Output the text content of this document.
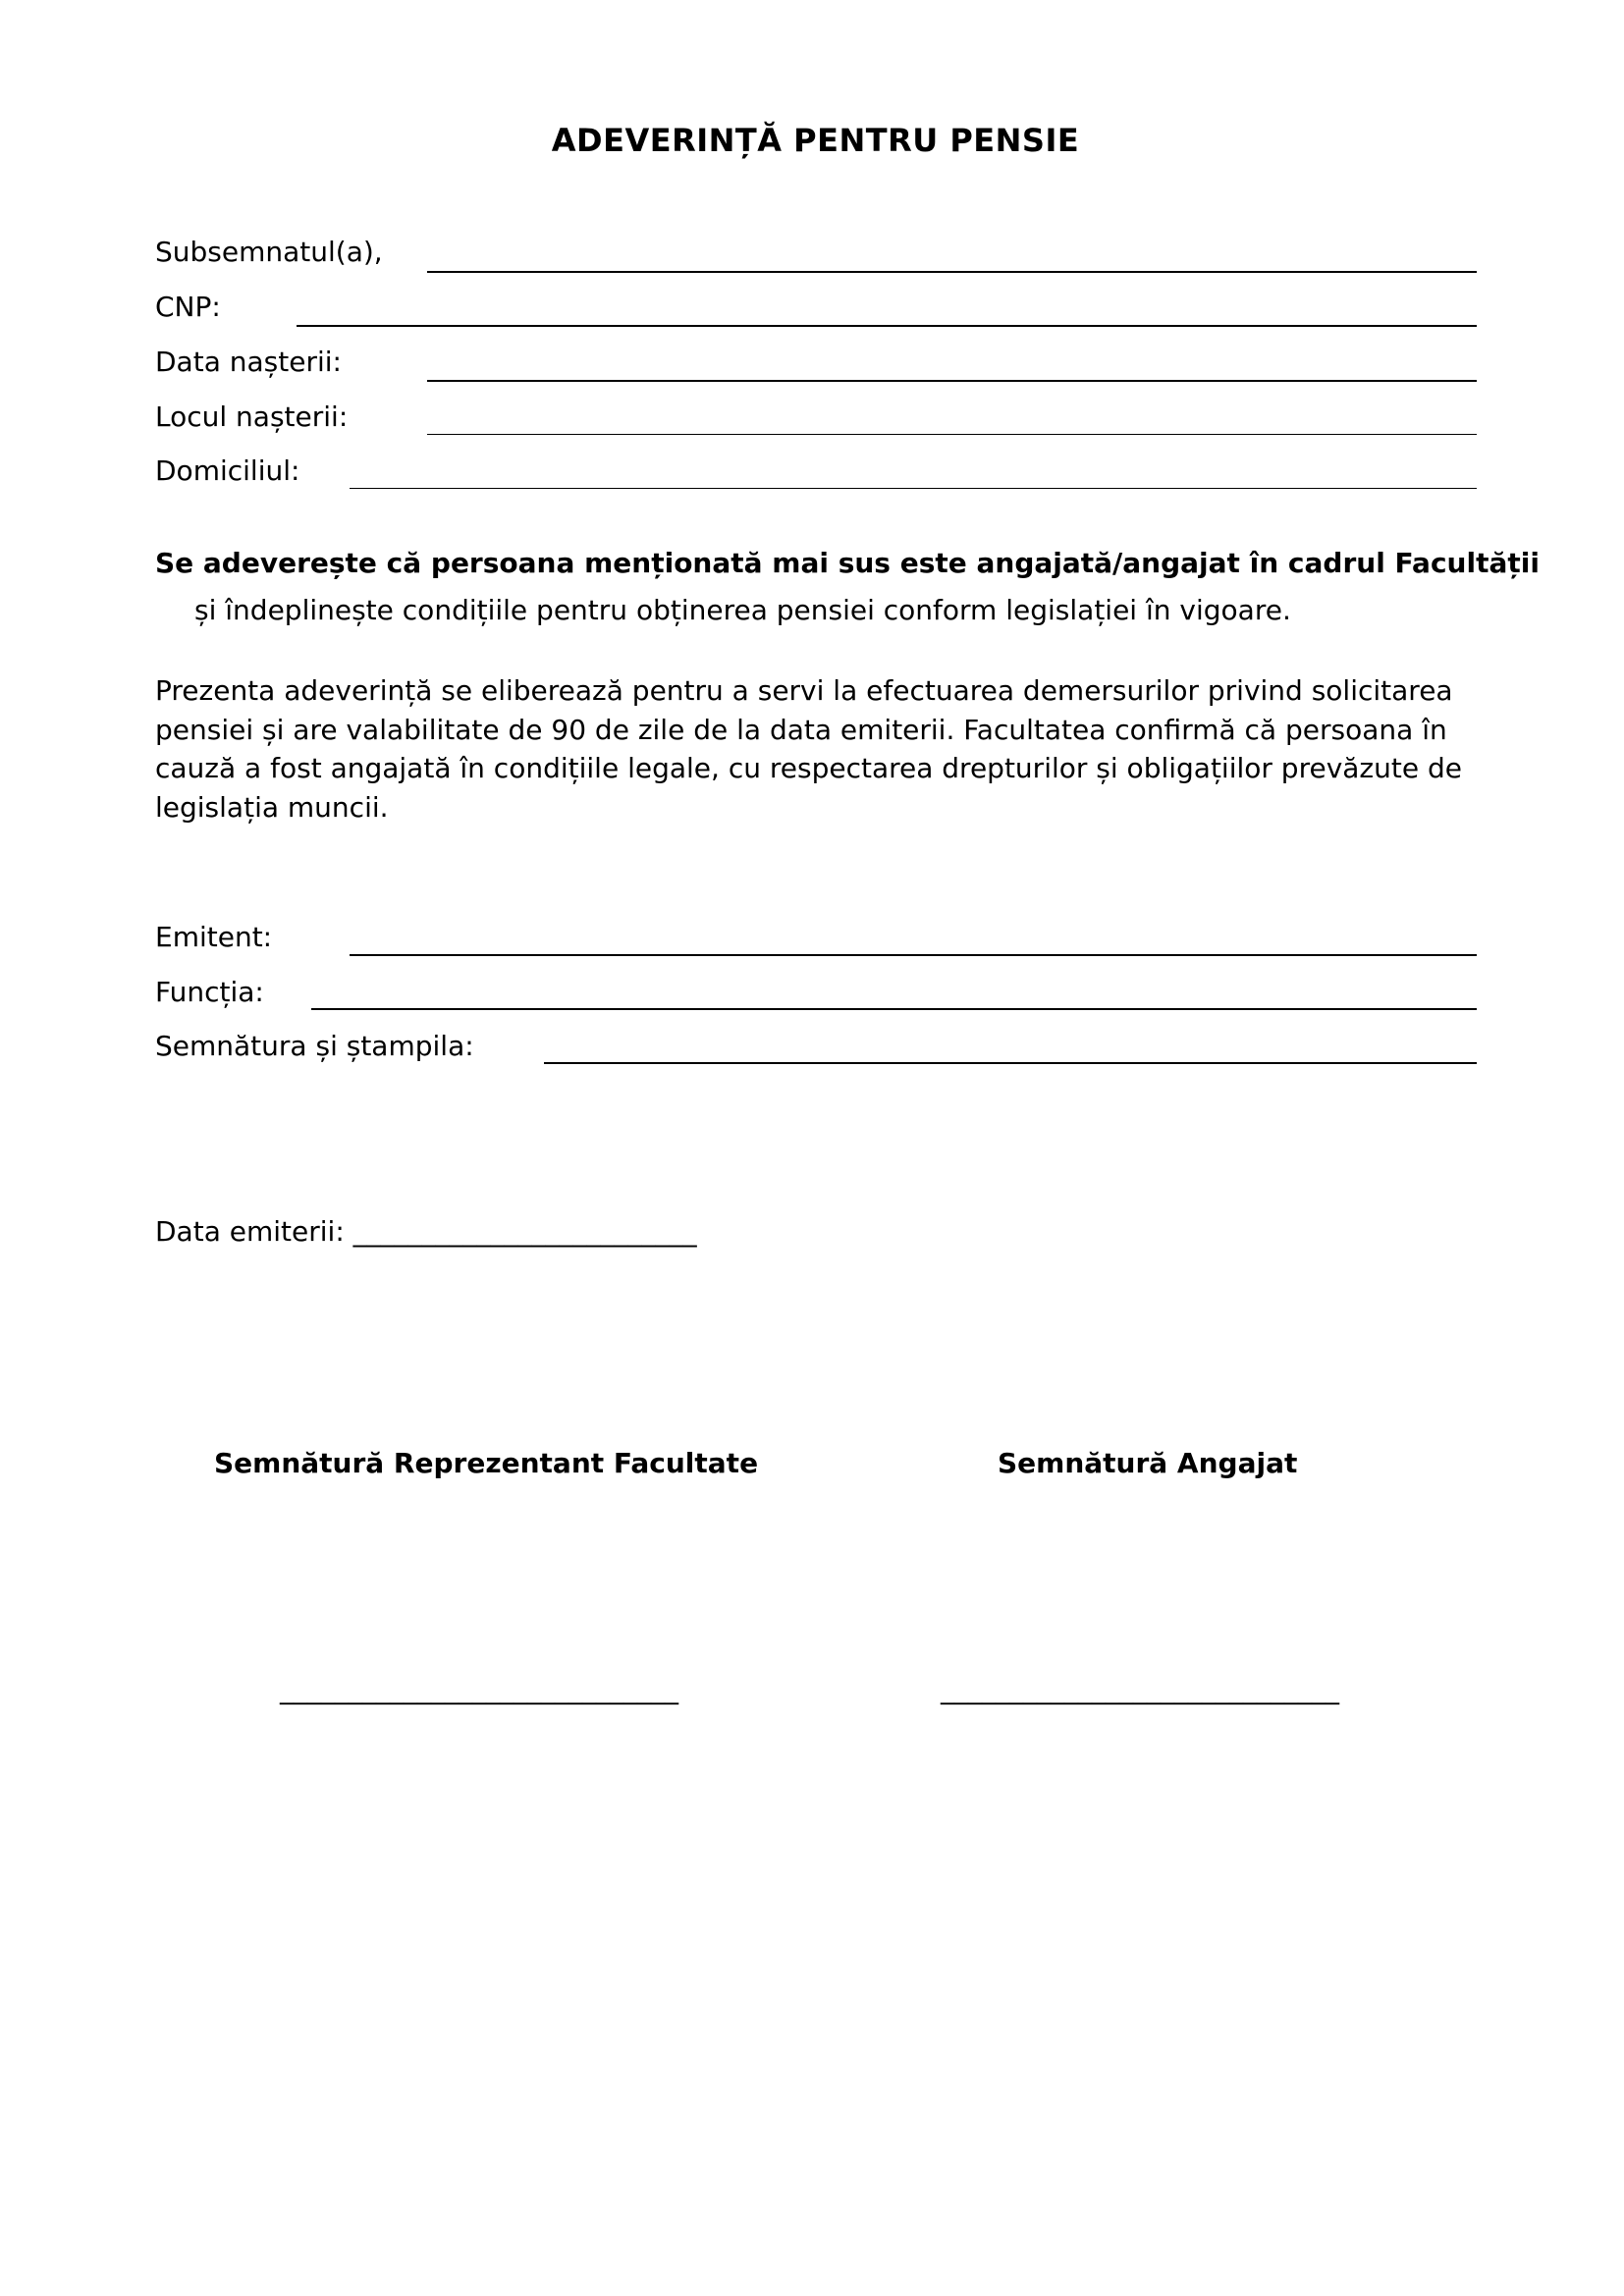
ADEVERINȚĂ PENTRU PENSIE
Subsemnatul(a),
CNP:
Data nașterii:
Locul nașterii:
Domiciliul:
Se adeverește că persoana menționată mai sus este angajată/angajat în cadrul Facultății
și îndeplinește condițiile pentru obținerea pensiei conform legislației în vigoare.
Prezenta adeverință se eliberează pentru a servi la efectuarea demersurilor privind solicitarea
pensiei și are valabilitate de 90 de zile de la data emiterii. Facultatea confirmă că persoana în
cauză a fost angajată în condițiile legale, cu respectarea drepturilor și obligațiilor prevăzute de
legislația muncii.
Emitent:
Funcția:
Semnătura și ștampila:
Data emiterii: _________________________
Semnătură Reprezentant Facultate	Semnătură Angajat
_____________________________	_____________________________
